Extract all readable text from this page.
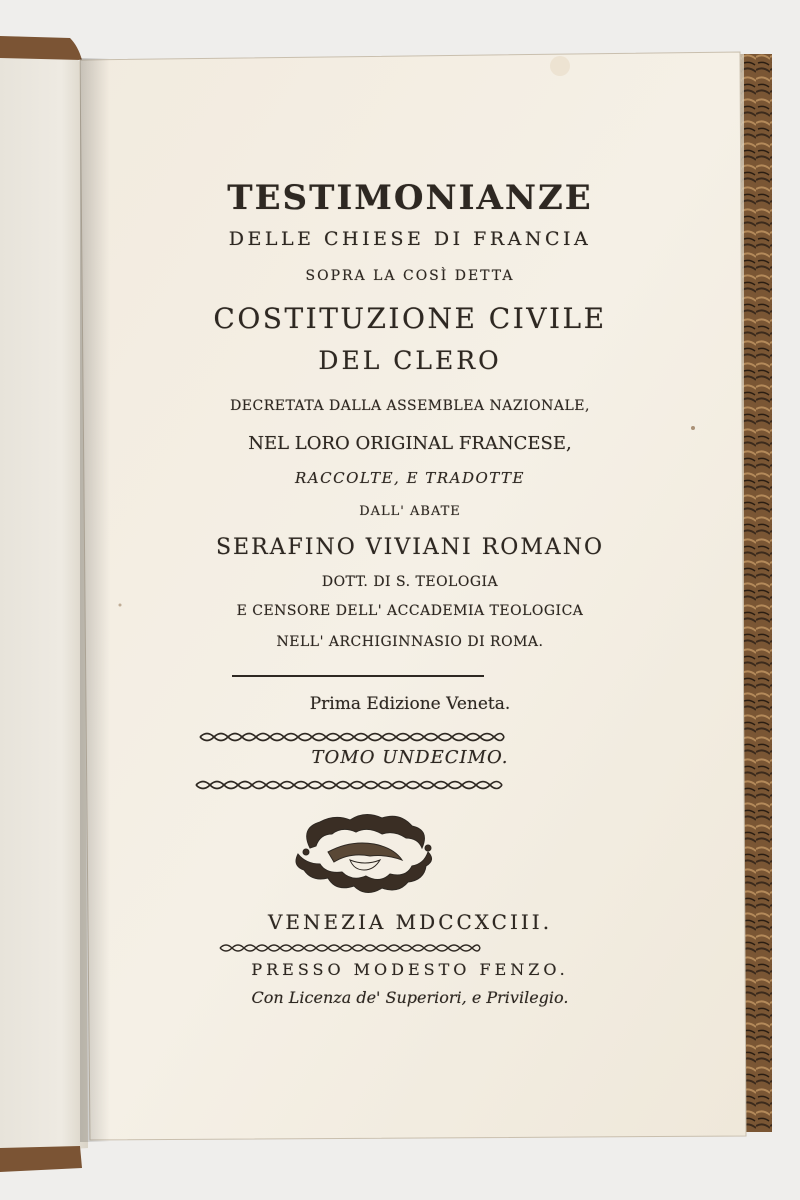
TESTIMONIANZE
DELLE CHIESE DI FRANCIA
SOPRA LA COSÌ DETTA
COSTITUZIONE CIVILE
DEL CLERO
DECRETATA DALLA ASSEMBLEA NAZIONALE,
NEL LORO ORIGINAL FRANCESE,
RACCOLTE, E TRADOTTE
DALL' ABATE
SERAFINO VIVIANI ROMANO
DOTT. DI S. TEOLOGIA
E CENSORE DELL' ACCADEMIA TEOLOGICA
NELL' ARCHIGINNASIO DI ROMA.
Prima Edizione Veneta.
TOMO UNDECIMO.
VENEZIA MDCCXCIII.
PRESSO MODESTO FENZO.
Con Licenza de' Superiori, e Privilegio.
